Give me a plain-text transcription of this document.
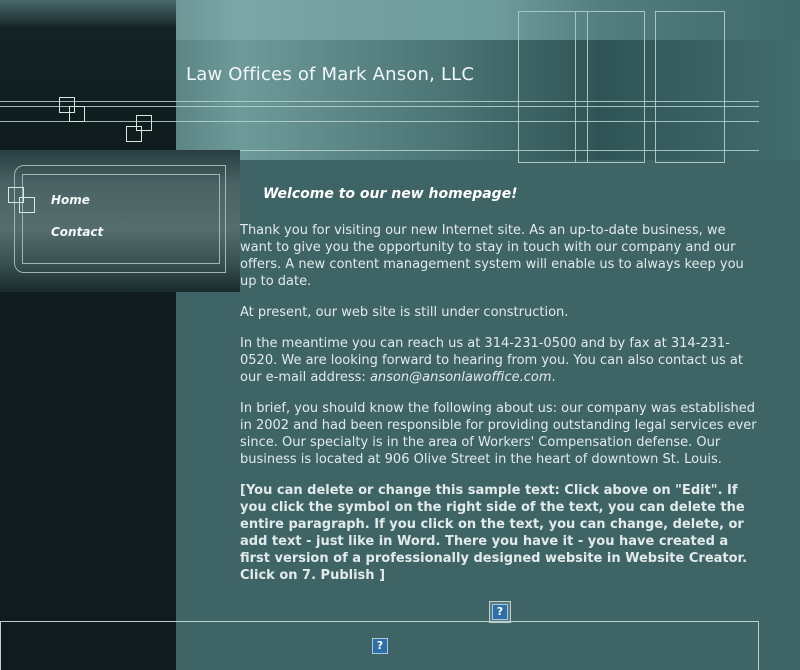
Law Offices of Mark Anson, LLC
Home
Contact
Welcome to our new homepage!

Thank you for visiting our new Internet site. As an up-to-date business, we want to give you the opportunity to stay in touch with our company and our offers. A new content management system will enable us to always keep you up to date.

At present, our web site is still under construction.

In the meantime you can reach us at 314-231-0500 and by fax at 314-231-0520. We are looking forward to hearing from you. You can also contact us at our e-mail address: anson@ansonlawoffice.com.

In brief, you should know the following about us: our company was established in 2002 and had been responsible for providing outstanding legal services ever since. Our specialty is in the area of Workers' Compensation defense. Our business is located at 906 Olive Street in the heart of downtown St. Louis.

[You can delete or change this sample text: Click above on "Edit". If you click the symbol on the right side of the text, you can delete the entire paragraph. If you click on the text, you can change, delete, or add text - just like in Word. There you have it - you have created a first version of a professionally designed website in Website Creator. Click on 7. Publish ]

?
?
